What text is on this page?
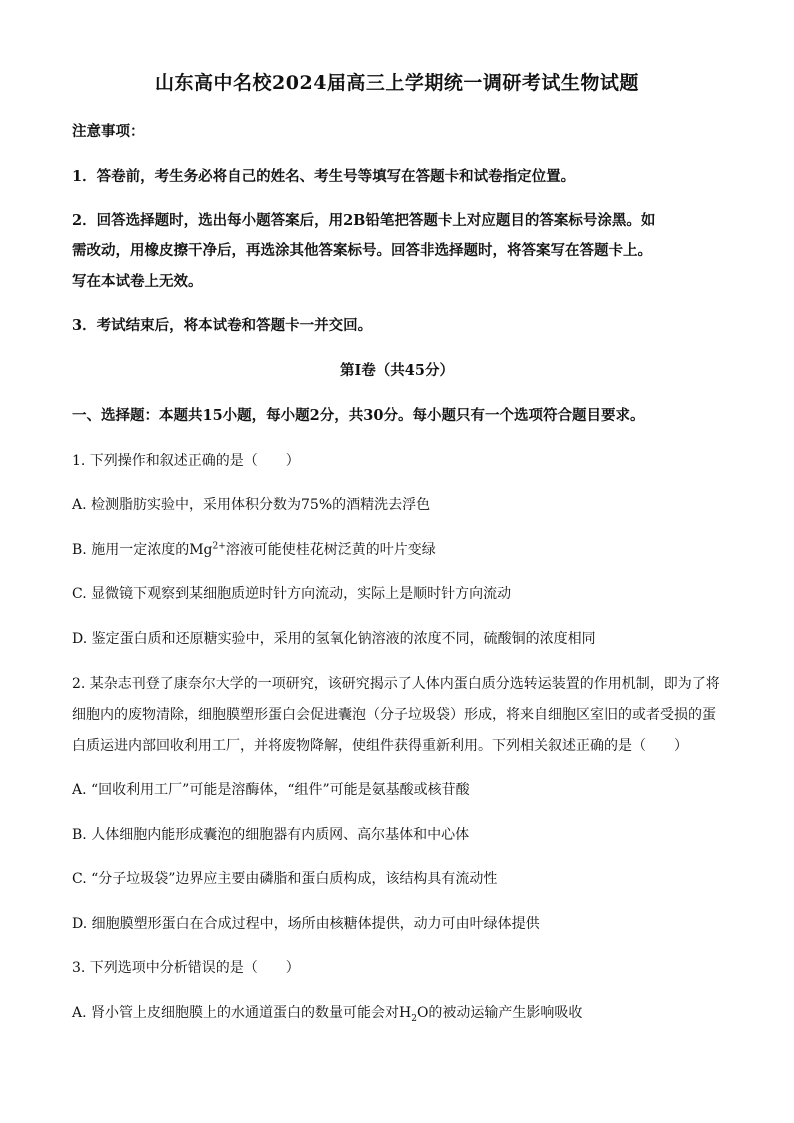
山东高中名校2024届高三上学期统一调研考试生物试题
注意事项：
1．答卷前，考生务必将自己的姓名、考生号等填写在答题卡和试卷指定位置。
2．回答选择题时，选出每小题答案后，用2B铅笔把答题卡上对应题目的答案标号涂黑。如
需改动，用橡皮擦干净后，再选涂其他答案标号。回答非选择题时，将答案写在答题卡上。
写在本试卷上无效。
3．考试结束后，将本试卷和答题卡一并交回。
第I卷（共45分）
一、选择题：本题共15小题，每小题2分，共30分。每小题只有一个选项符合题目要求。
1. 下列操作和叙述正确的是（　　）
A. 检测脂肪实验中，采用体积分数为75%的酒精洗去浮色
B. 施用一定浓度的$Mg^{2+}$溶液可能使桂花树泛黄的叶片变绿
C. 显微镜下观察到某细胞质逆时针方向流动，实际上是顺时针方向流动
D. 鉴定蛋白质和还原糖实验中，采用的氢氧化钠溶液的浓度不同，硫酸铜的浓度相同
2. 某杂志刊登了康奈尔大学的一项研究，该研究揭示了人体内蛋白质分选转运装置的作用机制，即为了将
细胞内的废物清除，细胞膜塑形蛋白会促进囊泡（分子垃圾袋）形成，将来自细胞区室旧的或者受损的蛋
白质运进内部回收利用工厂，并将废物降解，使组件获得重新利用。下列相关叙述正确的是（　　）
A. “回收利用工厂”可能是溶酶体，“组件”可能是氨基酸或核苷酸
B. 人体细胞内能形成囊泡的细胞器有内质网、高尔基体和中心体
C. “分子垃圾袋”边界应主要由磷脂和蛋白质构成，该结构具有流动性
D. 细胞膜塑形蛋白在合成过程中，场所由核糖体提供，动力可由叶绿体提供
3. 下列选项中分析错误的是（　　）
A. 肾小管上皮细胞膜上的水通道蛋白的数量可能会对$H_2O$的被动运输产生影响吸收
